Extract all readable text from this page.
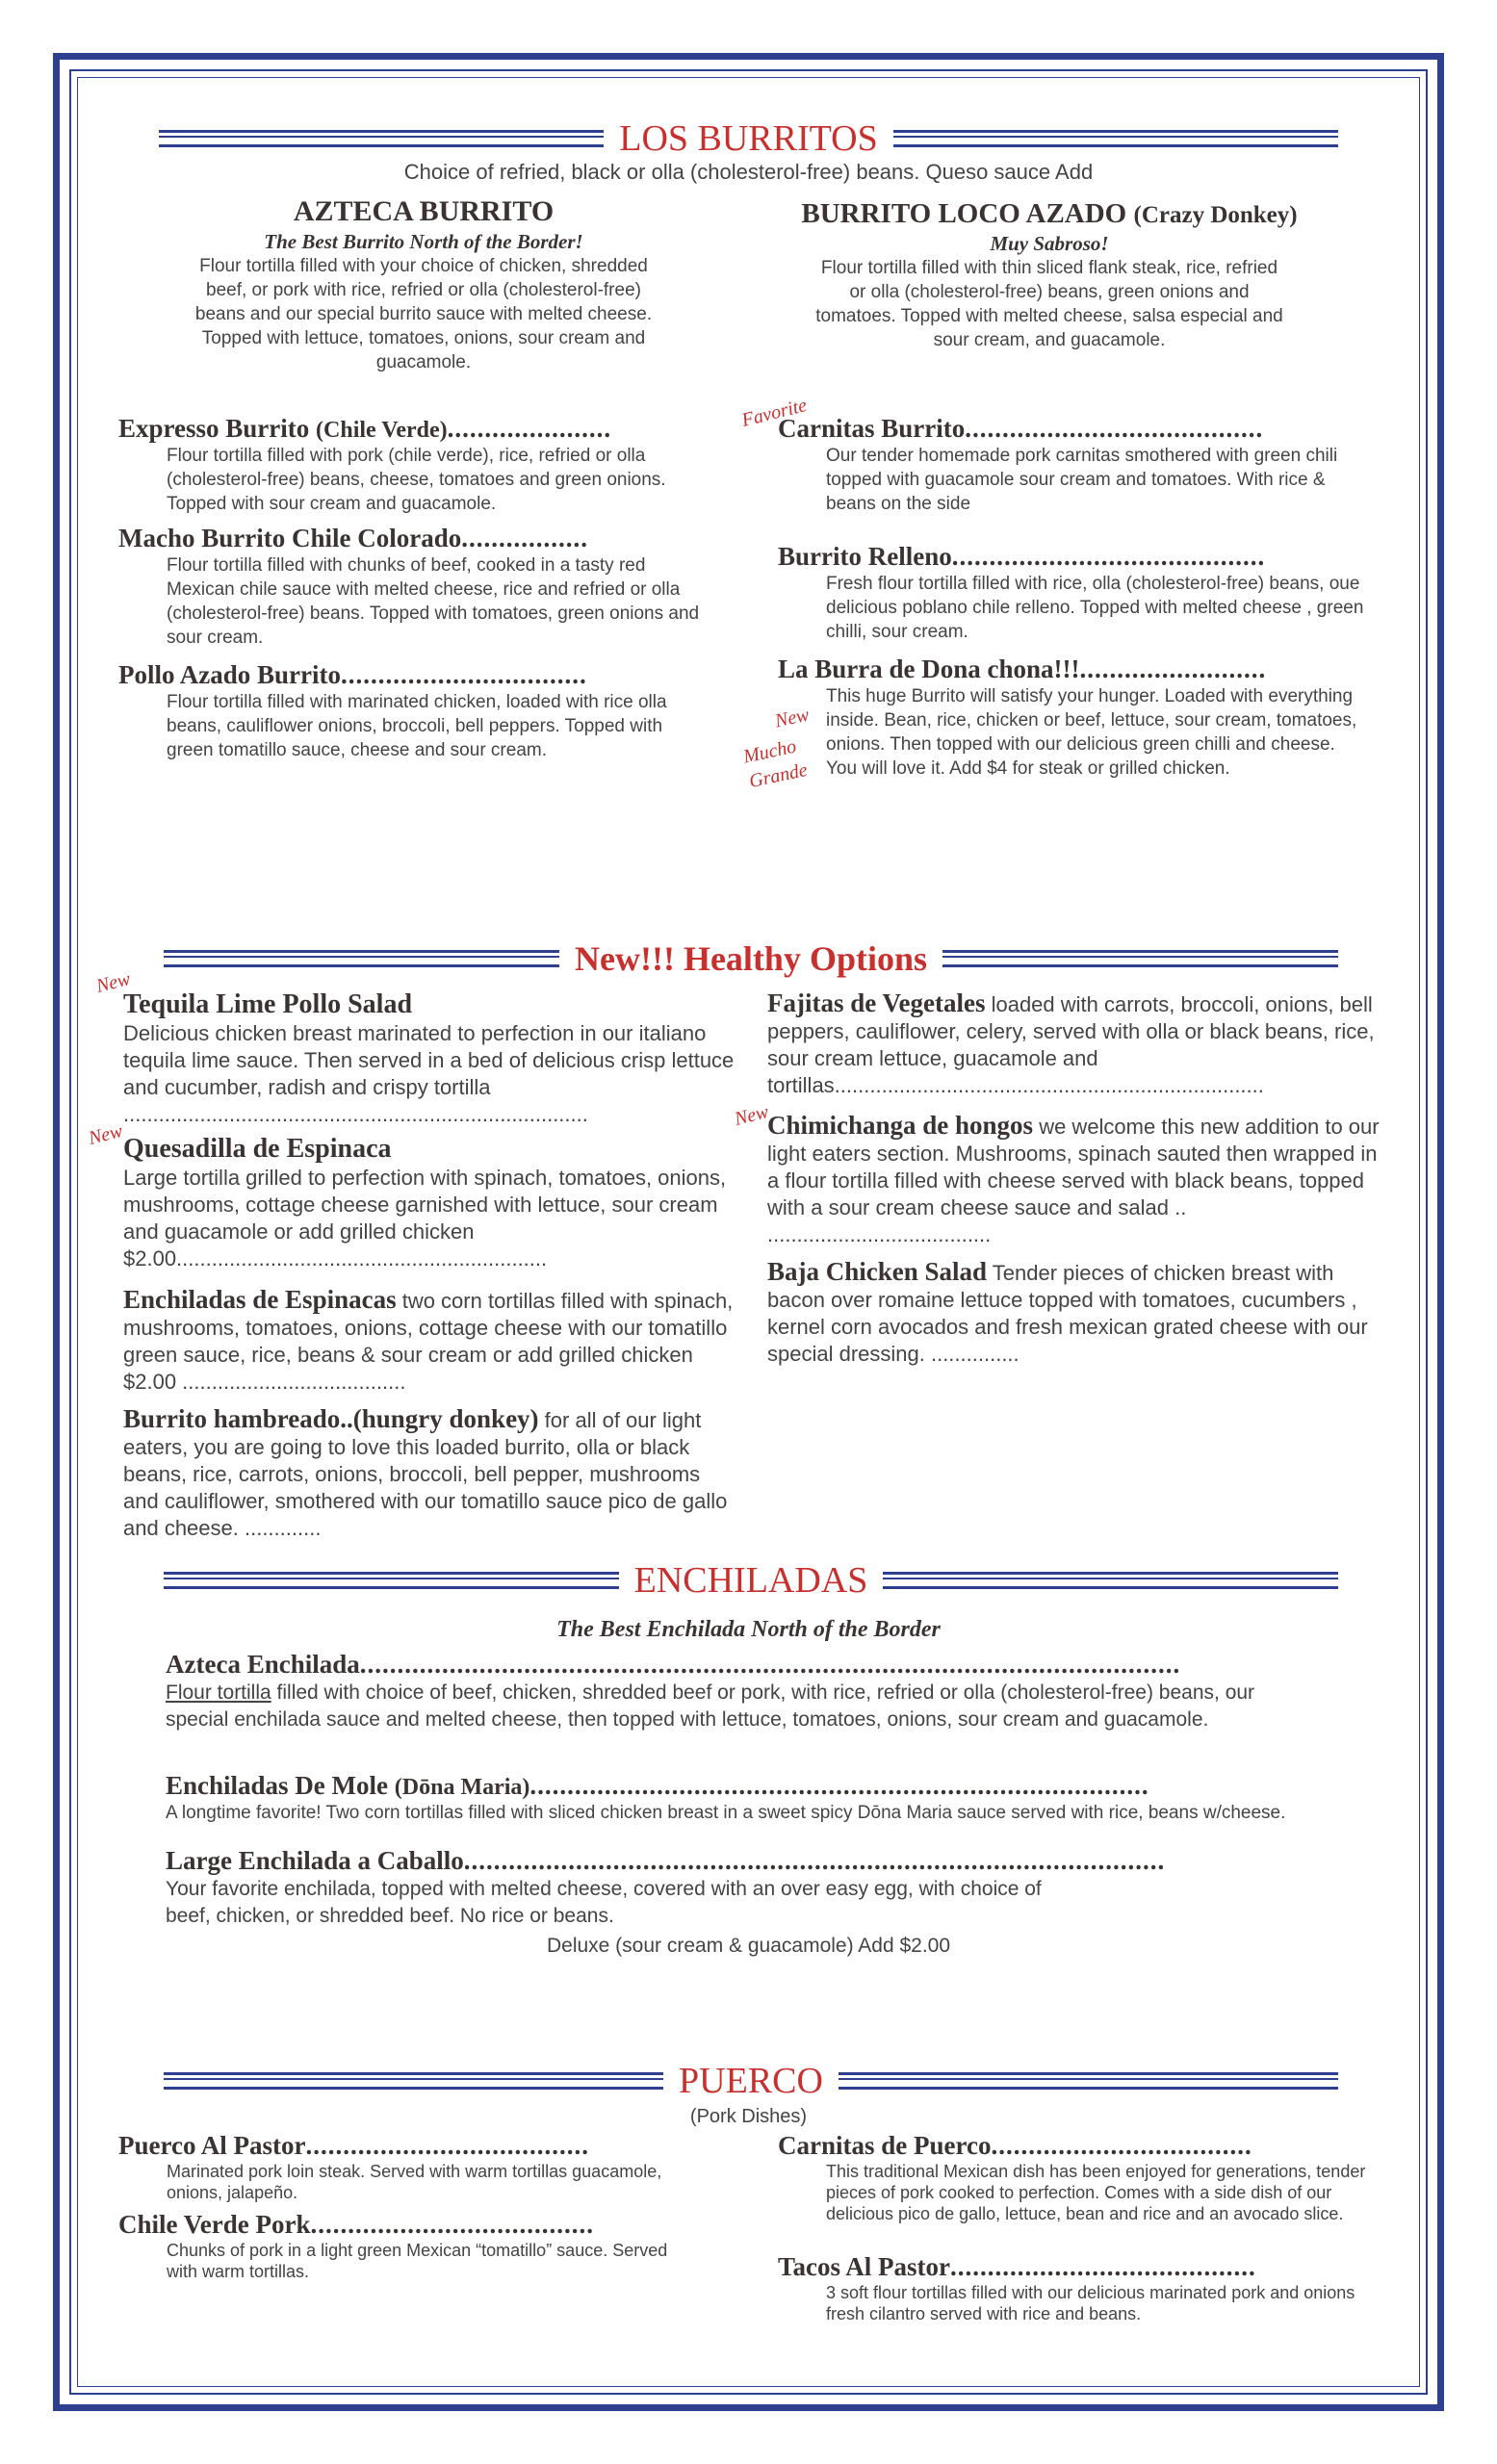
LOS BURRITOS
Choice of refried, black or olla (cholesterol-free) beans. Queso sauce Add
AZTECA BURRITO
The Best Burrito North of the Border!
Flour tortilla filled with your choice of chicken, shredded beef, or pork with rice, refried or olla (cholesterol-free) beans and our special burrito sauce with melted cheese. Topped with lettuce, tomatoes, onions, sour cream and guacamole.
BURRITO LOCO AZADO (Crazy Donkey)
Muy Sabroso!
Flour tortilla filled with thin sliced flank steak, rice, refried or olla (cholesterol-free) beans, green onions and tomatoes. Topped with melted cheese, salsa especial and sour cream, and guacamole.
Expresso Burrito (Chile Verde)......................
Flour tortilla filled with pork (chile verde), rice, refried or olla (cholesterol-free) beans, cheese, tomatoes and green onions. Topped with sour cream and guacamole.
Macho Burrito Chile Colorado.................
Flour tortilla filled with chunks of beef, cooked in a tasty red Mexican chile sauce with melted cheese, rice and refried or olla (cholesterol-free) beans. Topped with tomatoes, green onions and sour cream.
Pollo Azado Burrito.................................
Flour tortilla filled with marinated chicken, loaded with rice olla beans, cauliflower onions, broccoli, bell peppers. Topped with green tomatillo sauce, cheese and sour cream.
Favorite
Carnitas Burrito........................................
Our tender homemade pork carnitas smothered with green chili topped with guacamole sour cream and tomatoes. With rice & beans on the side
Burrito Relleno..........................................
Fresh flour tortilla filled with rice, olla (cholesterol-free) beans, oue delicious poblano chile relleno. Topped with melted cheese , green chilli, sour cream.
New
Mucho
Grande
La Burra de Dona chona!!!.........................
This huge Burrito will satisfy your hunger. Loaded with everything inside. Bean, rice, chicken or beef, lettuce, sour cream, tomatoes, onions. Then topped with our delicious green chilli and cheese. You will love it. Add $4 for steak or grilled chicken.
New!!! Healthy Options
New
Tequila Lime Pollo Salad
Delicious chicken breast marinated to perfection in our italiano tequila lime sauce. Then served in a bed of delicious crisp lettuce and cucumber, radish and crispy tortilla ...............................................................................
New
Quesadilla de Espinaca
Large tortilla grilled to perfection with spinach, tomatoes, onions, mushrooms, cottage cheese garnished with lettuce, sour cream and guacamole or add grilled chicken $2.00...............................................................
Enchiladas de Espinacas two corn tortillas filled with spinach, mushrooms, tomatoes, onions, cottage cheese with our tomatillo green sauce, rice, beans & sour cream or add grilled chicken $2.00 ......................................
Burrito hambreado..(hungry donkey) for all of our light eaters, you are going to love this loaded burrito, olla or black beans, rice, carrots, onions, broccoli, bell pepper, mushrooms and cauliflower, smothered with our tomatillo sauce pico de gallo and cheese. .............
Fajitas de Vegetales loaded with carrots, broccoli, onions, bell peppers, cauliflower, celery, served with olla or black beans, rice, sour cream lettuce, guacamole and tortillas.........................................................................
New
Chimichanga de hongos we welcome this new addition to our light eaters section. Mushrooms, spinach sauted then wrapped in a flour tortilla filled with cheese served with black beans, topped with a sour cream cheese sauce and salad .. ......................................
Baja Chicken Salad Tender pieces of chicken breast with bacon over romaine lettuce topped with tomatoes, cucumbers , kernel corn avocados and fresh mexican grated cheese with our special dressing. ...............
ENCHILADAS
The Best Enchilada North of the Border
Azteca Enchilada..............................................................................................................
Flour tortilla filled with choice of beef, chicken, shredded beef or pork, with rice, refried or olla (cholesterol-free) beans, our special enchilada sauce and melted cheese, then topped with lettuce, tomatoes, onions, sour cream and guacamole.
Enchiladas De Mole (Dōna Maria)...................................................................................
A longtime favorite! Two corn tortillas filled with sliced chicken breast in a sweet spicy Dōna Maria sauce served with rice, beans w/cheese.
Large Enchilada a Caballo..............................................................................................
Your favorite enchilada, topped with melted cheese, covered with an over easy egg, with choice of beef, chicken, or shredded beef. No rice or beans.
Deluxe (sour cream & guacamole) Add $2.00
PUERCO
(Pork Dishes)
Puerco Al Pastor......................................
Marinated pork loin steak. Served with warm tortillas guacamole, onions, jalapeño.
Chile Verde Pork......................................
Chunks of pork in a light green Mexican “tomatillo” sauce. Served with warm tortillas.
Carnitas de Puerco...................................
This traditional Mexican dish has been enjoyed for generations, tender pieces of pork cooked to perfection. Comes with a side dish of our delicious pico de gallo, lettuce, bean and rice and an avocado slice.
Tacos Al Pastor.........................................
3 soft flour tortillas filled with our delicious marinated pork and onions fresh cilantro served with rice and beans.
